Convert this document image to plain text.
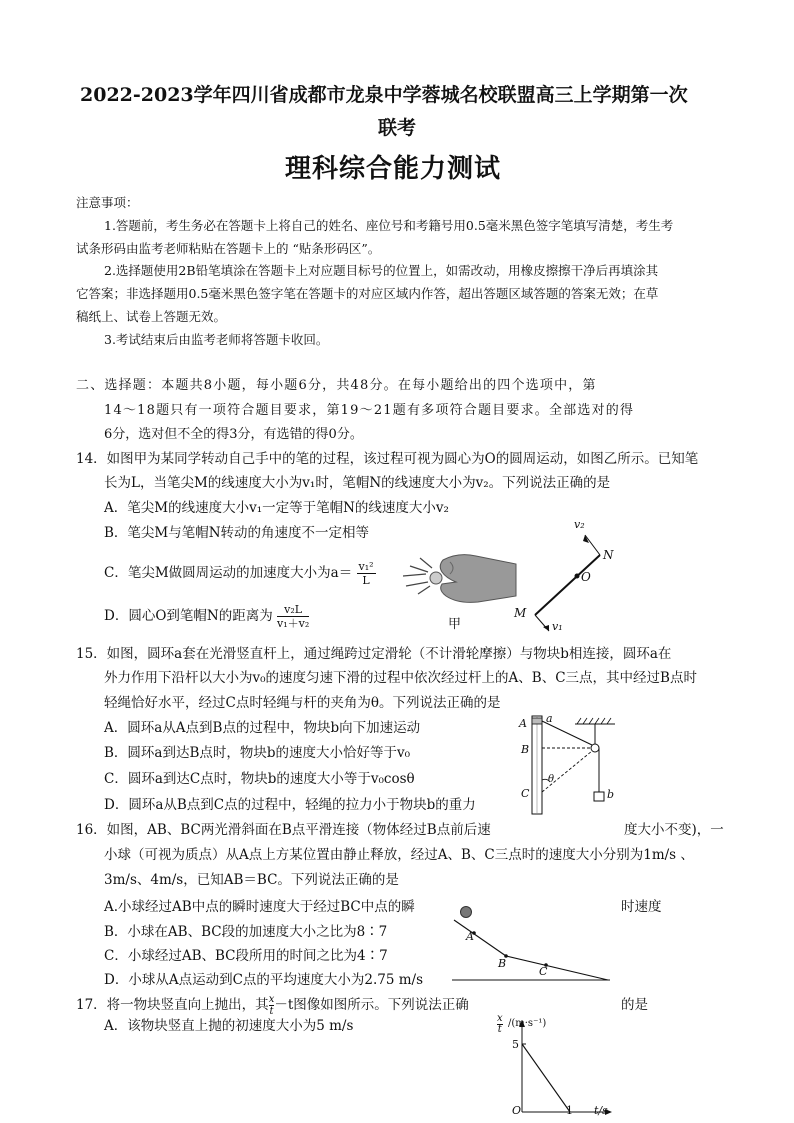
2022-2023学年四川省成都市龙泉中学蓉城名校联盟高三上学期第一次
联考
理科综合能力测试
注意事项：
1.答题前，考生务必在答题卡上将自己的姓名、座位号和考籍号用0.5毫米黑色签字笔填写清楚，考生考
试条形码由监考老师粘贴在答题卡上的 “贴条形码区”。
2.选择题使用2B铅笔填涂在答题卡上对应题目标号的位置上，如需改动，用橡皮擦擦干净后再填涂其
它答案；非选择题用0.5毫米黑色签字笔在答题卡的对应区域内作答，超出答题区域答题的答案无效；在草
稿纸上、试卷上答题无效。
3.考试结束后由监考老师将答题卡收回。
二、选择题：本题共8小题，每小题6分，共48分。在每小题给出的四个选项中，第
14～18题只有一项符合题目要求，第19～21题有多项符合题目要求。全部选对的得
6分，选对但不全的得3分，有选错的得0分。
14．如图甲为某同学转动自己手中的笔的过程，该过程可视为圆心为O的圆周运动，如图乙所示。已知笔
长为L，当笔尖M的线速度大小为v₁时，笔帽N的线速度大小为v₂。下列说法正确的是
A．笔尖M的线速度大小v₁一定等于笔帽N的线速度大小v₂
B．笔尖M与笔帽N转动的角速度不一定相等
C．笔尖M做圆周运动的加速度大小为$a= \frac{\text{v₁²}}{L}$
D．圆心O到笔帽N的距离为 $\frac{\text{v₂L}}{\text{v₁＋v₂}}$	甲
v₂
N
O
M
v₁
15．如图，圆环a套在光滑竖直杆上，通过绳跨过定滑轮（不计滑轮摩擦）与物块b相连接，圆环a在
外力作用下沿杆以大小为v₀的速度匀速下滑的过程中依次经过杆上的A、B、C三点，其中经过B点时
轻绳恰好水平，经过C点时轻绳与杆的夹角为θ。下列说法正确的是
A．圆环a从A点到B点的过程中，物块b向下加速运动
B．圆环a到达B点时，物块b的速度大小恰好等于v₀
C．圆环a到达C点时，物块b的速度大小等于v₀cosθ
D．圆环a从B点到C点的过程中，轻绳的拉力小于物块b的重力
A a
B
θ
C	b
16．如图，AB、BC两光滑斜面在B点平滑连接（物体经过B点前后速	度大小不变)，一
小球（可视为质点）从A点上方某位置由静止释放，经过A、B、C三点时的速度大小分别为1m/s 、
3m/s、4m/s，已知AB＝BC。下列说法正确的是
A.小球经过AB中点的瞬时速度大于经过BC中点的瞬	时速度
B．小球在AB、BC段的加速度大小之比为8∶7
C．小球经过AB、BC段所用的时间之比为4∶7
D．小球从A点运动到C点的平均速度大小为2.75 m/s
A
B
C
17．将一物块竖直向上抛出，其 $\frac{x}{t} -t$图像如图所示。下列说法正确	的是
A．该物块竖直上抛的初速度大小为5 m/s	$\frac{x}{t} /(m\cdot s^{-1})$
5
O	1 t/s
